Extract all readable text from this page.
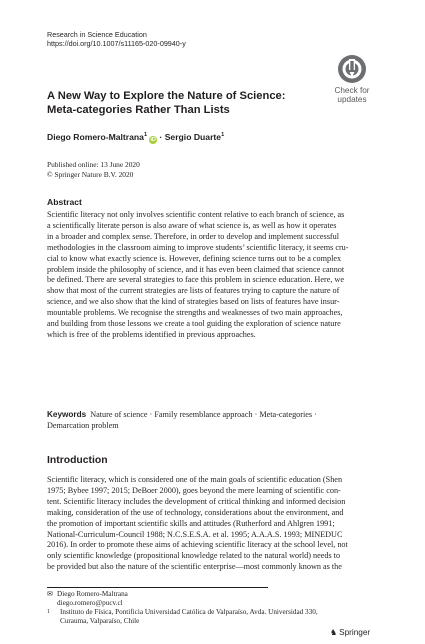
Research in Science Education
https://doi.org/10.1007/s11165-020-09940-y
Check for
updates
A New Way to Explore the Nature of Science:
Meta-categories Rather Than Lists
Diego Romero-Maltrana$^1$iD · Sergio Duarte$^1$
Published online: 13 June 2020
© Springer Nature B.V. 2020
Abstract
Scientific literacy not only involves scientific content relative to each branch of science, as
a scientifically literate person is also aware of what science is, as well as how it operates
in a broader and complex sense. Therefore, in order to develop and implement successful
methodologies in the classroom aiming to improve students’ scientific literacy, it seems cru-
cial to know what exactly science is. However, defining science turns out to be a complex
problem inside the philosophy of science, and it has even been claimed that science cannot
be defined. There are several strategies to face this problem in science education. Here, we
show that most of the current strategies are lists of features trying to capture the nature of
science, and we also show that the kind of strategies based on lists of features have insur-
mountable problems. We recognise the strengths and weaknesses of two main approaches,
and building from those lessons we create a tool guiding the exploration of science nature
which is free of the problems identified in previous approaches.
Keywords Nature of science · Family resemblance approach · Meta-categories ·
Demarcation problem
Introduction
Scientific literacy, which is considered one of the main goals of scientific education (Shen
1975; Bybee 1997; 2015; DeBoer 2000), goes beyond the mere learning of scientific con-
tent. Scientific literacy includes the development of critical thinking and informed decision
making, consideration of the use of technology, considerations about the environment, and
the promotion of important scientific skills and attitudes (Rutherford and Ahlgren 1991;
National-Curriculum-Council 1988; N.C.S.E.S.A. et al. 1995; A.A.A.S. 1993; MINEDUC
2016). In order to promote these aims of achieving scientific literacy at the school level, not
only scientific knowledge (propositional knowledge related to the natural world) needs to
be provided but also the nature of the scientific enterprise—most commonly known as the
✉ Diego Romero-Maltrana
diego.romero@pucv.cl
1 Instituto de Física, Pontificia Universidad Católica de Valparaíso, Avda. Universidad 330,
Curauma, Valparaíso, Chile
♞ Springer
